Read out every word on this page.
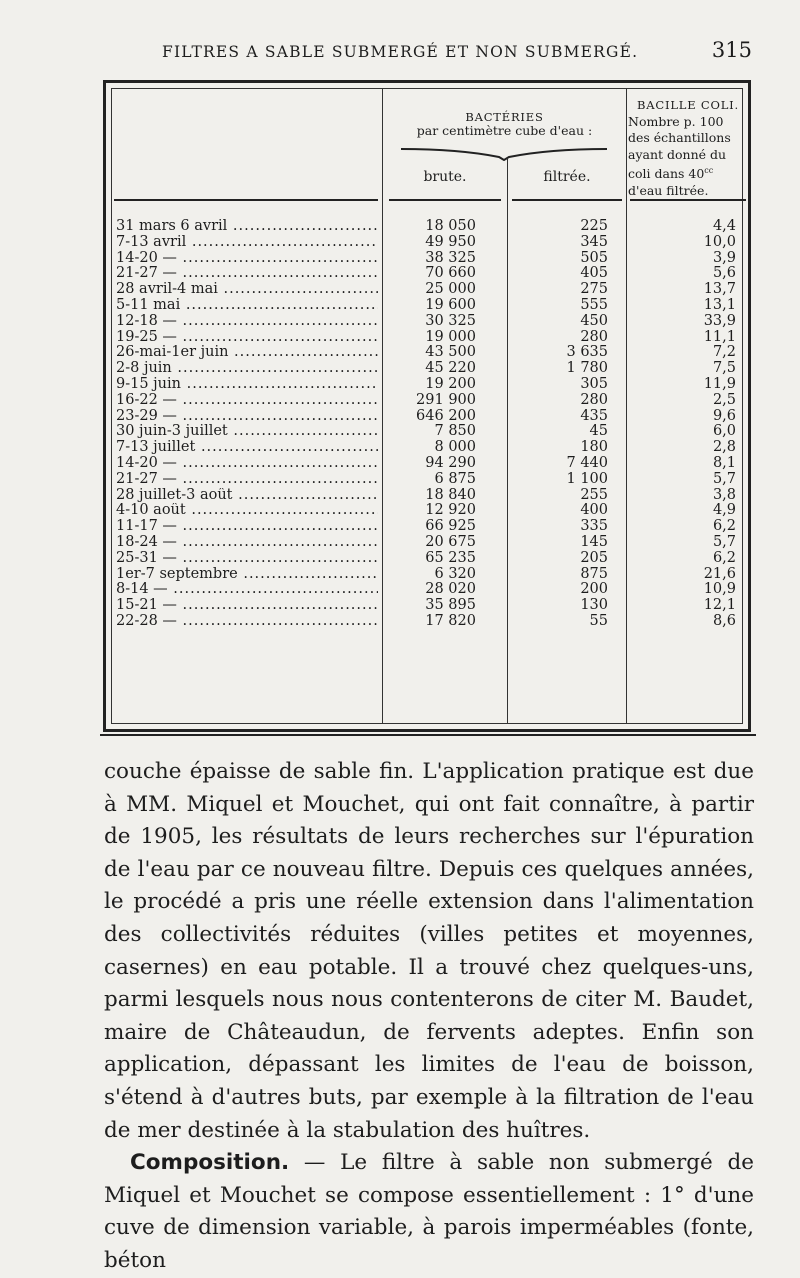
FILTRES A SABLE SUBMERGÉ ET NON SUBMERGÉ.	315
BACTÉRIES
par centimètre cube d'eau :
brute.	filtrée.
BACILLE COLI.
Nombre p. 100
des échantillons
ayant donné du
coli dans $40^{cc}$
d'eau filtrée.
31 mars 6 avril .....	18 050	225	4,4
7-13 avril .....	49 950	345	10,0
14-20 — .....	38 325	505	3,9
21-27 — .....	70 660	405	5,6
28 avril-4 mai .....	25 000	275	13,7
5-11 mai .....	19 600	555	13,1
12-18 — .....	30 325	450	33,9
19-25 — .....	19 000	280	11,1
26-mai-1er juin .....	43 500	3 635	7,2
2-8 juin .....	45 220	1 780	7,5
9-15 juin .....	19 200	305	11,9
16-22 — .....	291 900	280	2,5
23-29 — .....	646 200	435	9,6
30 juin-3 juillet .....	7 850	45	6,0
7-13 juillet .....	8 000	180	2,8
14-20 — .....	94 290	7 440	8,1
21-27 — .....	6 875	1 100	5,7
28 juillet-3 août .....	18 840	255	3,8
4-10 août .....	12 920	400	4,9
11-17 — .....	66 925	335	6,2
18-24 — .....	20 675	145	5,7
25-31 — .....	65 235	205	6,2
1er-7 septembre .....	6 320	875	21,6
8-14 — .....	28 020	200	10,9
15-21 — .....	35 895	130	12,1
22-28 — .....	17 820	55	8,6

couche épaisse de sable fin. L'application pratique est due à MM. Miquel et Mouchet, qui ont fait connaître, à partir de 1905, les résultats de leurs recherches sur l'épuration de l'eau par ce nouveau filtre. Depuis ces quelques années, le procédé a pris une réelle extension dans l'alimentation des collectivités réduites (villes petites et moyennes, casernes) en eau potable. Il a trouvé chez quelques-uns, parmi lesquels nous nous contenterons de citer M. Baudet, maire de Châteaudun, de fervents adeptes. Enfin son application, dépassant les limites de l'eau de boisson, s'étend à d'autres buts, par exemple à la filtration de l'eau de mer destinée à la stabulation des huîtres.

Composition. — Le filtre à sable non submergé de Miquel et Mouchet se compose essentiellement : 1° d'une cuve de dimension variable, à parois imperméables (fonte, béton
